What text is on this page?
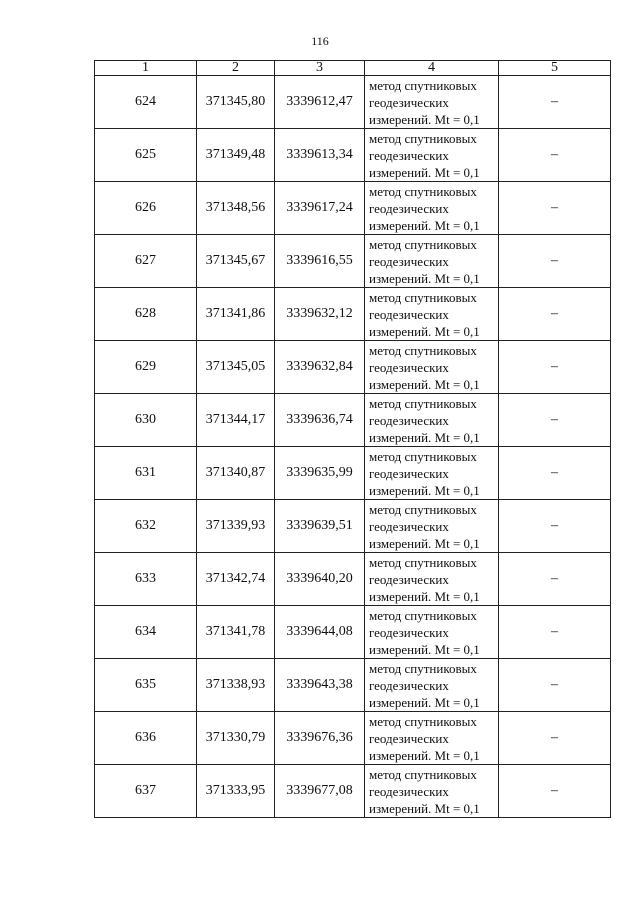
116
1	2	3	4	5
624	371345,80	3339612,47	метод спутниковых
геодезических
измерений. Mt = 0,1	–
625	371349,48	3339613,34	метод спутниковых
геодезических
измерений. Mt = 0,1	–
626	371348,56	3339617,24	метод спутниковых
геодезических
измерений. Mt = 0,1	–
627	371345,67	3339616,55	метод спутниковых
геодезических
измерений. Mt = 0,1	–
628	371341,86	3339632,12	метод спутниковых
геодезических
измерений. Mt = 0,1	–
629	371345,05	3339632,84	метод спутниковых
геодезических
измерений. Mt = 0,1	–
630	371344,17	3339636,74	метод спутниковых
геодезических
измерений. Mt = 0,1	–
631	371340,87	3339635,99	метод спутниковых
геодезических
измерений. Mt = 0,1	–
632	371339,93	3339639,51	метод спутниковых
геодезических
измерений. Mt = 0,1	–
633	371342,74	3339640,20	метод спутниковых
геодезических
измерений. Mt = 0,1	–
634	371341,78	3339644,08	метод спутниковых
геодезических
измерений. Mt = 0,1	–
635	371338,93	3339643,38	метод спутниковых
геодезических
измерений. Mt = 0,1	–
636	371330,79	3339676,36	метод спутниковых
геодезических
измерений. Mt = 0,1	–
637	371333,95	3339677,08	метод спутниковых
геодезических
измерений. Mt = 0,1	–
